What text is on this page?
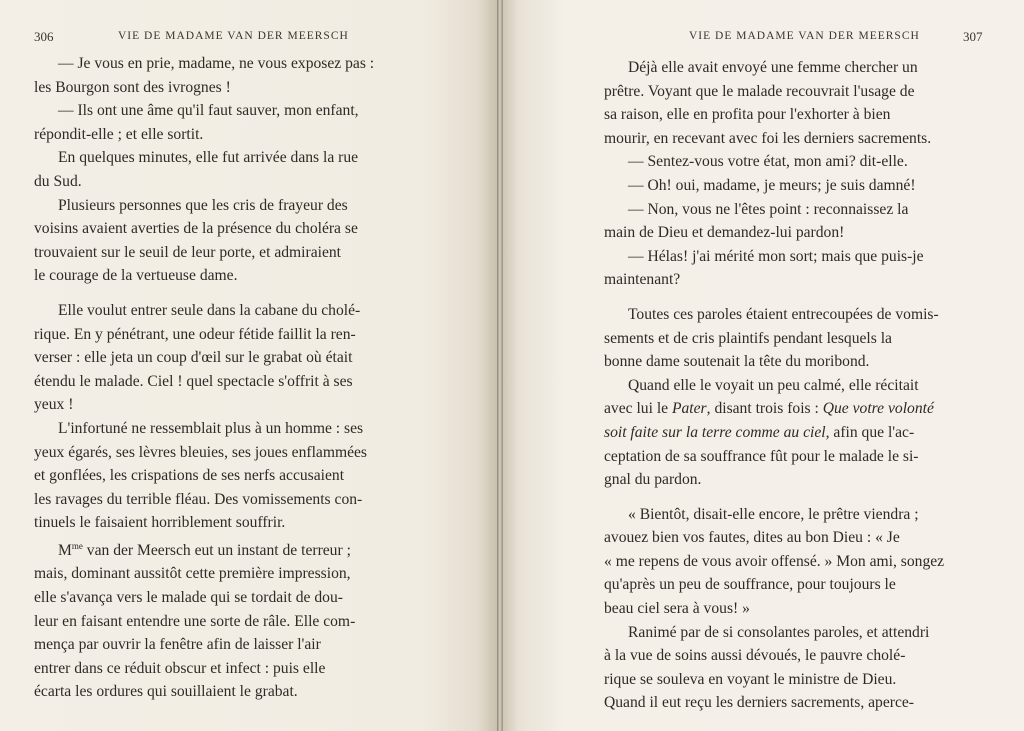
306	VIE DE MADAME VAN DER MEERSCH

— Je vous en prie, madame, ne vous exposez pas :

les Bourgon sont des ivrognes !

— Ils ont une âme qu'il faut sauver, mon enfant,

répondit-elle ; et elle sortit.

En quelques minutes, elle fut arrivée dans la rue

du Sud.

Plusieurs personnes que les cris de frayeur des

voisins avaient averties de la présence du choléra se

trouvaient sur le seuil de leur porte, et admiraient

le courage de la vertueuse dame.

Elle voulut entrer seule dans la cabane du cholé-

rique. En y pénétrant, une odeur fétide faillit la ren-

verser : elle jeta un coup d'œil sur le grabat où était

étendu le malade. Ciel ! quel spectacle s'offrit à ses

yeux !

L'infortuné ne ressemblait plus à un homme : ses

yeux égarés, ses lèvres bleuies, ses joues enflammées

et gonflées, les crispations de ses nerfs accusaient

les ravages du terrible fléau. Des vomissements con-

tinuels le faisaient horriblement souffrir.

$M^{me}$ van der Meersch eut un instant de terreur ;

mais, dominant aussitôt cette première impression,

elle s'avança vers le malade qui se tordait de dou-

leur en faisant entendre une sorte de râle. Elle com-

mença par ouvrir la fenêtre afin de laisser l'air

entrer dans ce réduit obscur et infect : puis elle

écarta les ordures qui souillaient le grabat.

VIE DE MADAME VAN DER MEERSCH	307

Déjà elle avait envoyé une femme chercher un

prêtre. Voyant que le malade recouvrait l'usage de

sa raison, elle en profita pour l'exhorter à bien

mourir, en recevant avec foi les derniers sacrements.

— Sentez-vous votre état, mon ami? dit-elle.

— Oh! oui, madame, je meurs; je suis damné!

— Non, vous ne l'êtes point : reconnaissez la

main de Dieu et demandez-lui pardon!

— Hélas! j'ai mérité mon sort; mais que puis-je

maintenant?

Toutes ces paroles étaient entrecoupées de vomis-

sements et de cris plaintifs pendant lesquels la

bonne dame soutenait la tête du moribond.

Quand elle le voyait un peu calmé, elle récitait

avec lui le Pater, disant trois fois : Que votre volonté

soit faite sur la terre comme au ciel, afin que l'ac-

ceptation de sa souffrance fût pour le malade le si-

gnal du pardon.

« Bientôt, disait-elle encore, le prêtre viendra ;

avouez bien vos fautes, dites au bon Dieu : « Je

« me repens de vous avoir offensé. » Mon ami, songez

qu'après un peu de souffrance, pour toujours le

beau ciel sera à vous! »

Ranimé par de si consolantes paroles, et attendri

à la vue de soins aussi dévoués, le pauvre cholé-

rique se souleva en voyant le ministre de Dieu.

Quand il eut reçu les derniers sacrements, aperce-
